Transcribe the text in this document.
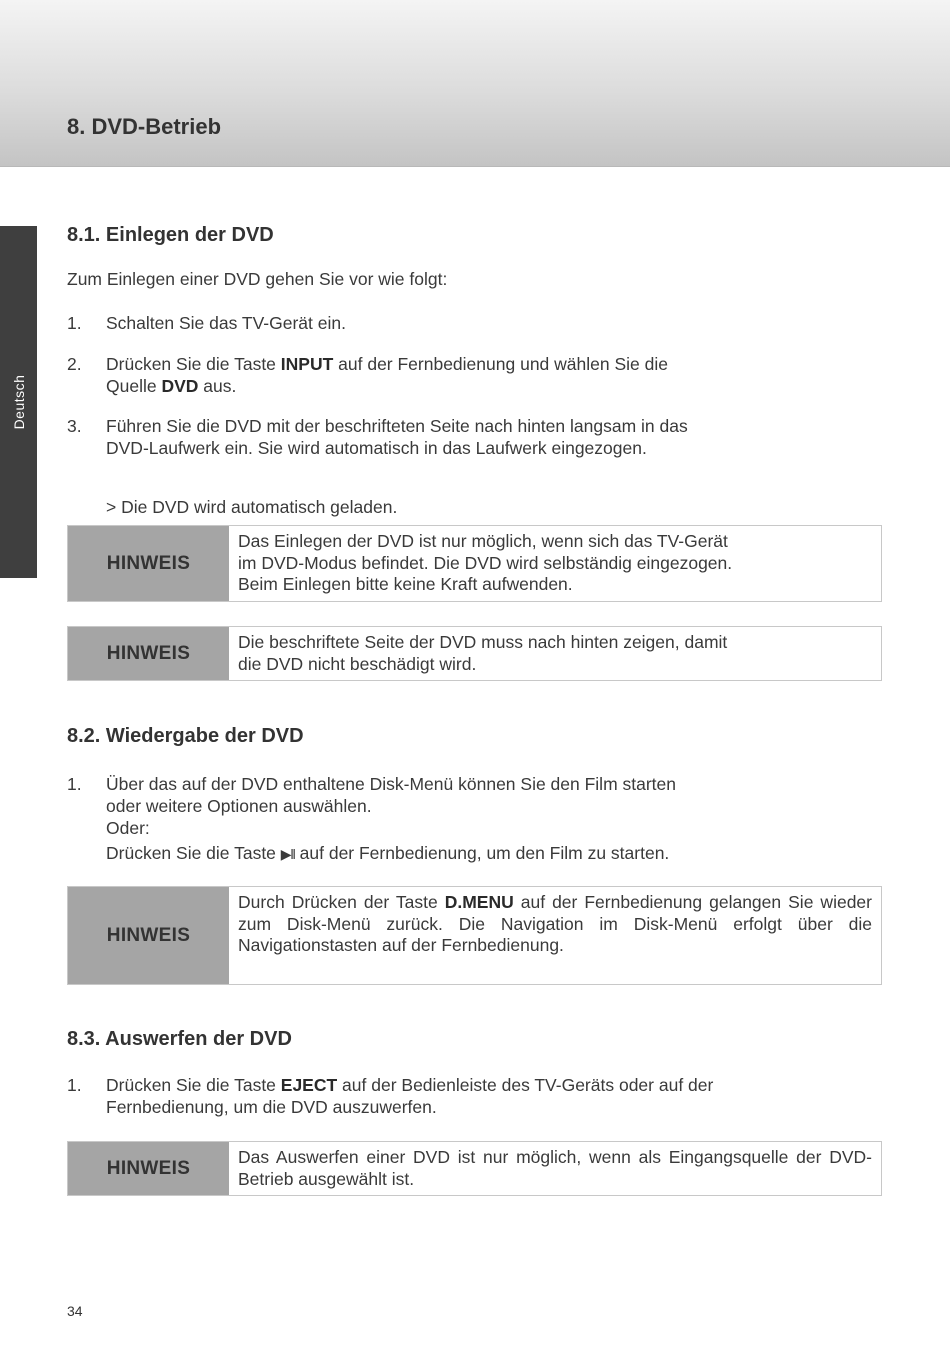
8. DVD-Betrieb
Deutsch
8.1. Einlegen der DVD

Zum Einlegen einer DVD gehen Sie vor wie folgt:

1. Schalten Sie das TV-Gerät ein.
2. Drücken Sie die Taste INPUT auf der Fernbedienung und wählen Sie die
Quelle DVD aus.
3. Führen Sie die DVD mit der beschrifteten Seite nach hinten langsam in das
DVD-Laufwerk ein. Sie wird automatisch in das Laufwerk eingezogen.

> Die DVD wird automatisch geladen.

HINWEIS
Das Einlegen der DVD ist nur möglich, wenn sich das TV-Gerät
im DVD-Modus befindet. Die DVD wird selbständig eingezogen.
Beim Einlegen bitte keine Kraft aufwenden.
HINWEIS
Die beschriftete Seite der DVD muss nach hinten zeigen, damit
die DVD nicht beschädigt wird.
8.2. Wiedergabe der DVD
1. Über das auf der DVD enthaltene Disk-Menü können Sie den Film starten
oder weitere Optionen auswählen.
Oder:
Drücken Sie die Taste ▶ll auf der Fernbedienung, um den Film zu starten.
HINWEIS
Durch Drücken der Taste D.MENU auf der Fernbedienung gelangen Sie wieder zum Disk-Menü zurück. Die Navigation im Disk-Menü erfolgt über die Navigationstasten auf der Fernbedienung.
8.3. Auswerfen der DVD
1. Drücken Sie die Taste EJECT auf der Bedienleiste des TV-Geräts oder auf der
Fernbedienung, um die DVD auszuwerfen.
HINWEIS
Das Auswerfen einer DVD ist nur möglich, wenn als Eingangsquelle der DVD-Betrieb ausgewählt ist.
34
